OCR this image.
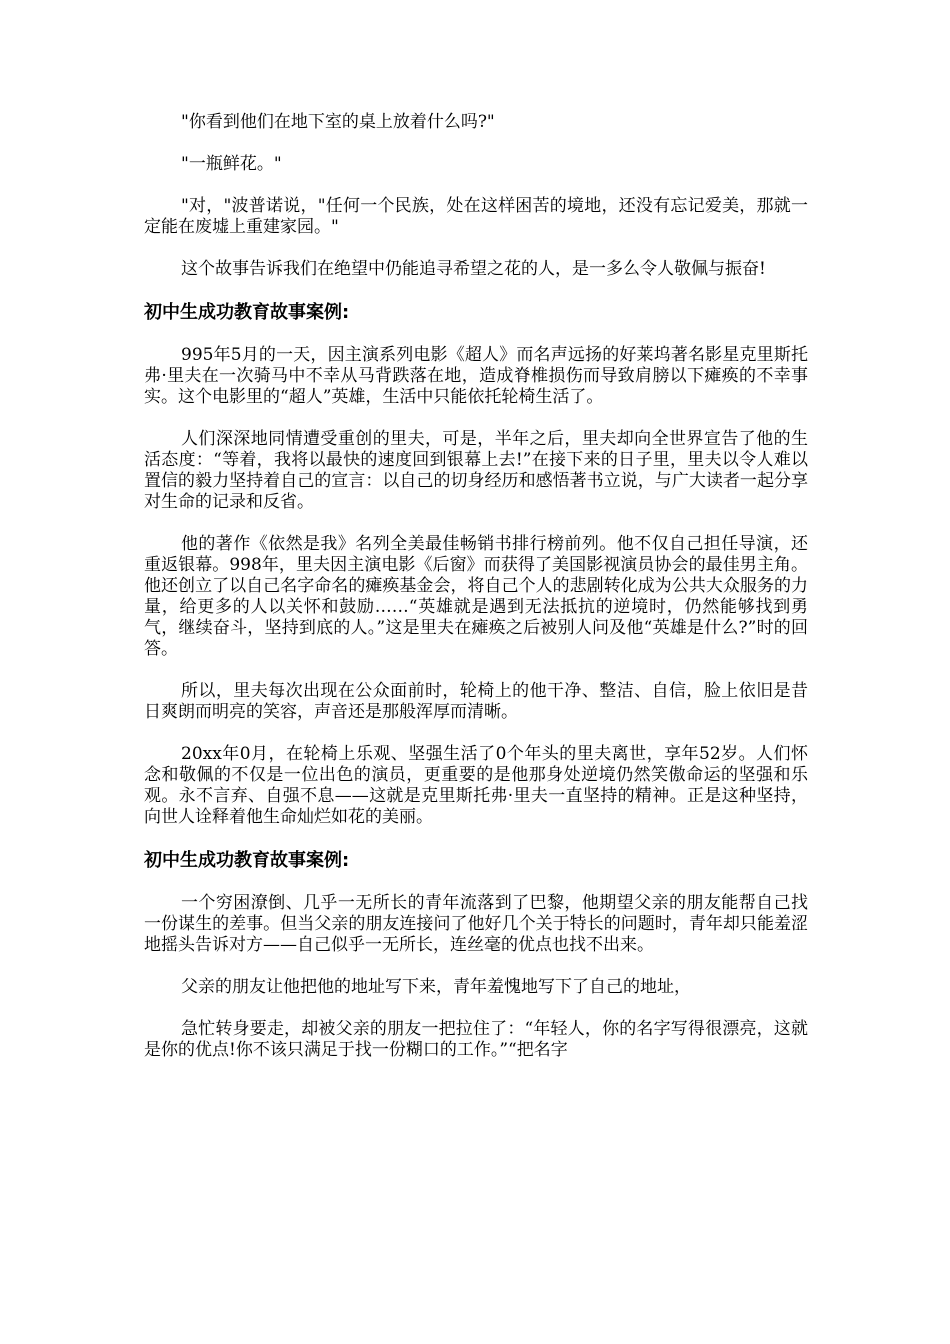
"你看到他们在地下室的桌上放着什么吗?"

"一瓶鲜花。"

"对，"波普诺说，"任何一个民族，处在这样困苦的境地，还没有忘记爱美，那就一定能在废墟上重建家园。"

这个故事告诉我们在绝望中仍能追寻希望之花的人，是一多么令人敬佩与振奋!

初中生成功教育故事案例:

995年5月的一天，因主演系列电影《超人》而名声远扬的好莱坞著名影星克里斯托弗·里夫在一次骑马中不幸从马背跌落在地，造成脊椎损伤而导致肩膀以下瘫痪的不幸事实。这个电影里的“超人”英雄，生活中只能依托轮椅生活了。

人们深深地同情遭受重创的里夫，可是，半年之后，里夫却向全世界宣告了他的生活态度：“等着，我将以最快的速度回到银幕上去!”在接下来的日子里，里夫以令人难以置信的毅力坚持着自己的宣言：以自己的切身经历和感悟著书立说，与广大读者一起分享对生命的记录和反省。

他的著作《依然是我》名列全美最佳畅销书排行榜前列。他不仅自己担任导演，还重返银幕。998年，里夫因主演电影《后窗》而获得了美国影视演员协会的最佳男主角。他还创立了以自己名字命名的瘫痪基金会，将自己个人的悲剧转化成为公共大众服务的力量，给更多的人以关怀和鼓励……“英雄就是遇到无法抵抗的逆境时，仍然能够找到勇气，继续奋斗，坚持到底的人。”这是里夫在瘫痪之后被别人问及他“英雄是什么?”时的回答。

所以，里夫每次出现在公众面前时，轮椅上的他干净、整洁、自信，脸上依旧是昔日爽朗而明亮的笑容，声音还是那般浑厚而清晰。

20xx年0月，在轮椅上乐观、坚强生活了0个年头的里夫离世，享年52岁。人们怀念和敬佩的不仅是一位出色的演员，更重要的是他那身处逆境仍然笑傲命运的坚强和乐观。永不言弃、自强不息——这就是克里斯托弗·里夫一直坚持的精神。正是这种坚持，向世人诠释着他生命灿烂如花的美丽。

初中生成功教育故事案例:

一个穷困潦倒、几乎一无所长的青年流落到了巴黎，他期望父亲的朋友能帮自己找一份谋生的差事。但当父亲的朋友连接问了他好几个关于特长的问题时，青年却只能羞涩地摇头告诉对方——自己似乎一无所长，连丝毫的优点也找不出来。

父亲的朋友让他把他的地址写下来，青年羞愧地写下了自己的地址，

急忙转身要走，却被父亲的朋友一把拉住了：“年轻人，你的名字写得很漂亮，这就是你的优点!你不该只满足于找一份糊口的工作。”“把名字
